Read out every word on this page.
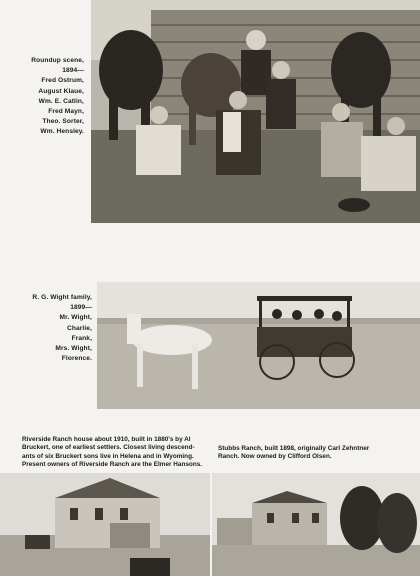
Roundup scene,
1894—
Fred Ostrum,
August Klaue,
Wm. E. Catlin,
Fred Mayn,
Theo. Sorter,
Wm. Hensley.
R. G. Wight family,
1899—
Mr. Wight,
Charlie,
Frank,
Mrs. Wight,
Florence.
Riverside Ranch house about 1910, built in 1880's by Al
Bruckert, one of earliest settlers. Closest living descend-
ants of six Bruckert sons live in Helena and in Wyoming.
Present owners of Riverside Ranch are the Elmer Hansons.
Stubbs Ranch, built 1898, originally Carl Zehntner
Ranch. Now owned by Clifford Olsen.
